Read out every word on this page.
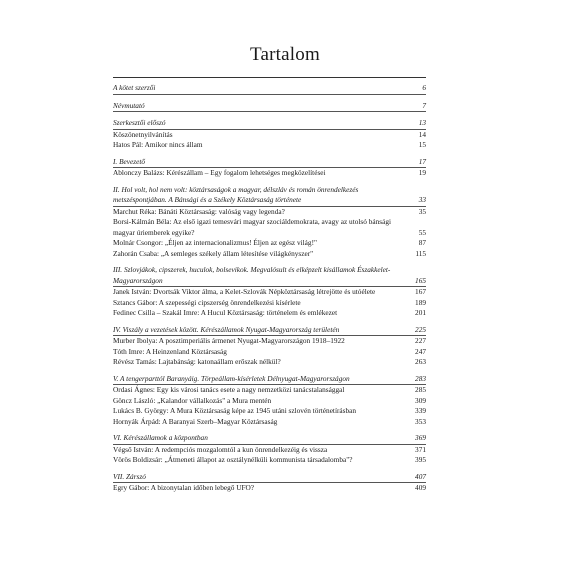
Tartalom
A kötet szerzői	6
Névmutató	7
Szerkesztői előszó	13
Köszönetnyilvánítás	14
Hatos Pál: Amikor nincs állam	15
I. Bevezető	17
Ablonczy Balázs: Kérészállam – Egy fogalom lehetséges megközelítései	19
II. Hol volt, hol nem volt: köztársaságok a magyar, délszláv és román önrendelkezés metszéspontjában. A Bánsági és a Székely Köztársaság története	33
Marchut Réka: Bánáti Köztársaság: valóság vagy legenda?	35
Borsi-Kálmán Béla: Az első igazi temesvári magyar szociáldemokrata, avagy az utolsó bánsági magyar úriemberek egyike?	55
Molnár Csongor: „Éljen az internacionalizmus! Éljen az egész világ!"	87
Zahorán Csaba: „A semleges székely állam létesítése világkényszer"	115
III. Szlovjákok, cipszerek, huculok, bolsevikok. Megvalósult és elképzelt kisállamok Északkelet-Magyarországon	165
Janek István: Dvortsák Viktor álma, a Kelet-Szlovák Népköztársaság létrejötte és utóélete	167
Sztancs Gábor: A szepességi cipszerség önrendelkezési kísérlete	189
Fedinec Csilla – Szakál Imre: A Hucul Köztársaság: történelem és emlékezet	201
IV. Viszály a vezetések között. Kérészállamok Nyugat-Magyarország területén	225
Murber Ibolya: A posztimperiális ármenet Nyugat-Magyarországon 1918–1922	227
Tóth Imre: A Heinzenland Köztársaság	247
Révész Tamás: Lajtabánság: katonaállam erőszak nélkül?	263
V. A tengerparttól Baranyáig. Törpeállam-kísérletek Délnyugat-Magyarországon	283
Ordasi Ágnes: Egy kis városi tanács esete a nagy nemzetközi tanácstalansággal	285
Göncz László: „Kalandor vállalkozás" a Mura mentén	309
Lukács B. György: A Mura Köztársaság képe az 1945 utáni szlovén történetírásban	339
Hornyák Árpád: A Baranyai Szerb–Magyar Köztársaság	353
VI. Kérészállamok a központban	369
Végső István: A redempciós mozgalomtól a kun önrendelkezéig és vissza	371
Vörös Boldizsár: „Átmeneti állapot az osztálynélküli kommunista társadalomba"?	395
VII. Zárszó	407
Egry Gábor: A bizonytalan időben lebegő UFO?	409
